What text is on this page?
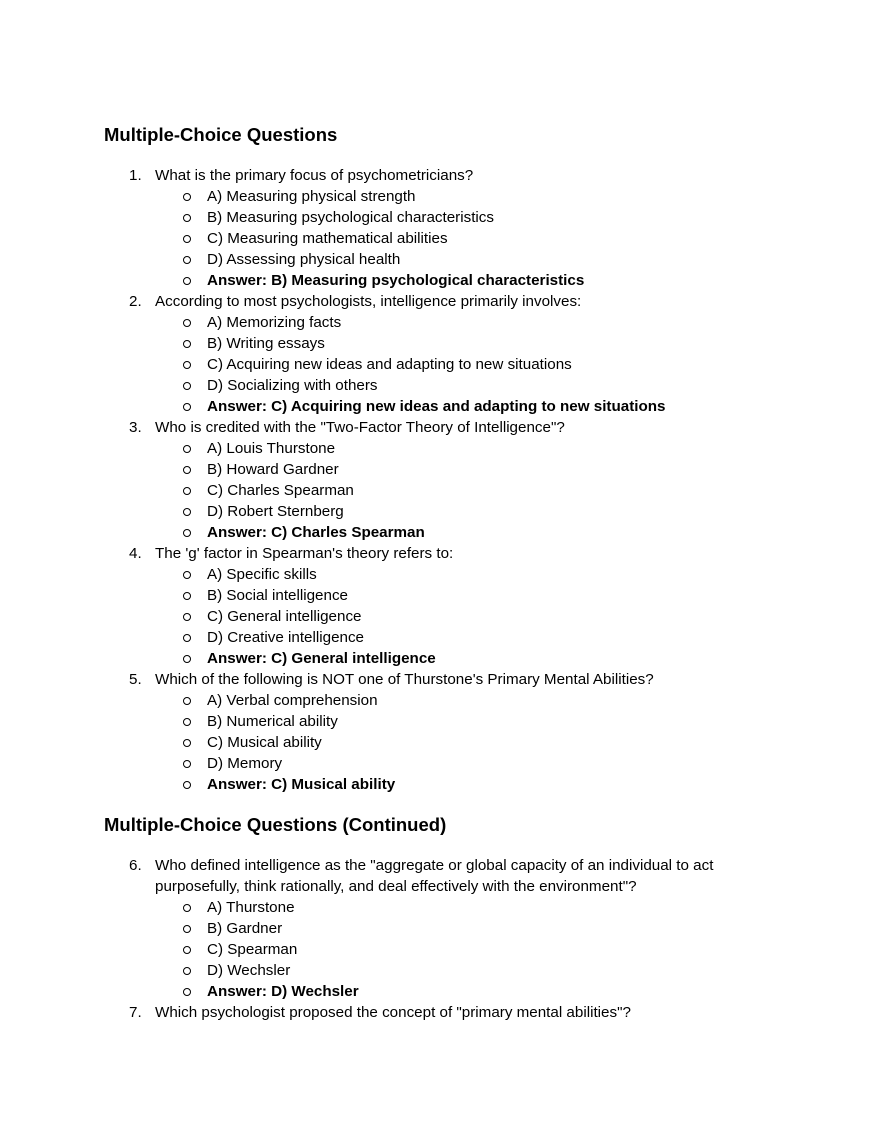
Multiple-Choice Questions
1. What is the primary focus of psychometricians?
A) Measuring physical strength
B) Measuring psychological characteristics
C) Measuring mathematical abilities
D) Assessing physical health
Answer: B) Measuring psychological characteristics
2. According to most psychologists, intelligence primarily involves:
A) Memorizing facts
B) Writing essays
C) Acquiring new ideas and adapting to new situations
D) Socializing with others
Answer: C) Acquiring new ideas and adapting to new situations
3. Who is credited with the "Two-Factor Theory of Intelligence"?
A) Louis Thurstone
B) Howard Gardner
C) Charles Spearman
D) Robert Sternberg
Answer: C) Charles Spearman
4. The 'g' factor in Spearman's theory refers to:
A) Specific skills
B) Social intelligence
C) General intelligence
D) Creative intelligence
Answer: C) General intelligence
5. Which of the following is NOT one of Thurstone's Primary Mental Abilities?
A) Verbal comprehension
B) Numerical ability
C) Musical ability
D) Memory
Answer: C) Musical ability
Multiple-Choice Questions (Continued)
6. Who defined intelligence as the "aggregate or global capacity of an individual to act purposefully, think rationally, and deal effectively with the environment"?
A) Thurstone
B) Gardner
C) Spearman
D) Wechsler
Answer: D) Wechsler
7. Which psychologist proposed the concept of "primary mental abilities"?
